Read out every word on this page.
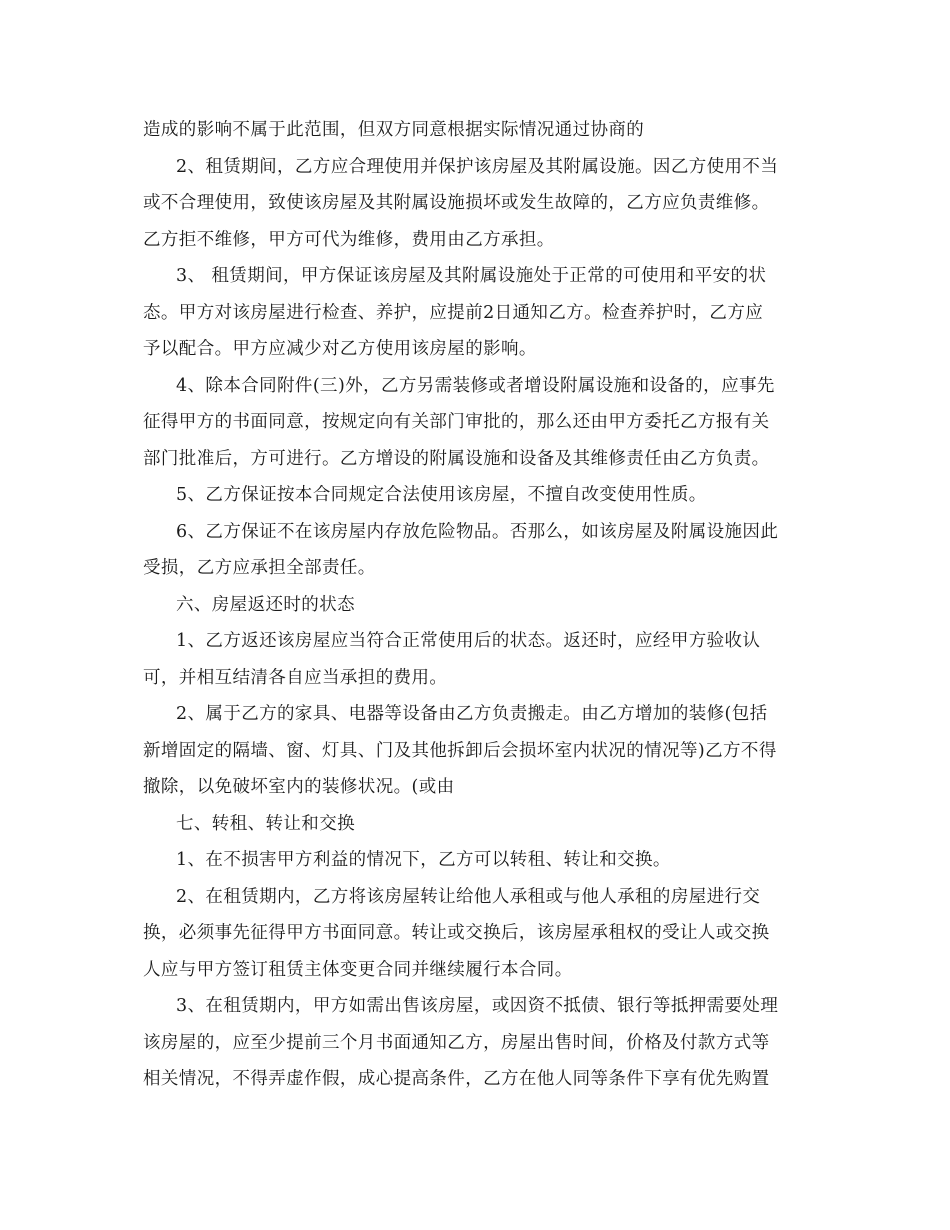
造成的影响不属于此范围，但双方同意根据实际情况通过协商的
2、租赁期间，乙方应合理使用并保护该房屋及其附属设施。因乙方使用不当
或不合理使用，致使该房屋及其附属设施损坏或发生故障的，乙方应负责维修。
乙方拒不维修，甲方可代为维修，费用由乙方承担。
3、 租赁期间，甲方保证该房屋及其附属设施处于正常的可使用和平安的状
态。甲方对该房屋进行检查、养护，应提前2日通知乙方。检查养护时，乙方应
予以配合。甲方应减少对乙方使用该房屋的影响。
4、除本合同附件(三)外，乙方另需装修或者增设附属设施和设备的，应事先
征得甲方的书面同意，按规定向有关部门审批的，那么还由甲方委托乙方报有关
部门批准后，方可进行。乙方增设的附属设施和设备及其维修责任由乙方负责。
5、乙方保证按本合同规定合法使用该房屋，不擅自改变使用性质。
6、乙方保证不在该房屋内存放危险物品。否那么，如该房屋及附属设施因此
受损，乙方应承担全部责任。
六、房屋返还时的状态
1、乙方返还该房屋应当符合正常使用后的状态。返还时，应经甲方验收认
可，并相互结清各自应当承担的费用。
2、属于乙方的家具、电器等设备由乙方负责搬走。由乙方增加的装修(包括
新增固定的隔墙、窗、灯具、门及其他拆卸后会损坏室内状况的情况等)乙方不得
撤除，以免破坏室内的装修状况。(或由
七、转租、转让和交换
1、在不损害甲方利益的情况下，乙方可以转租、转让和交换。
2、在租赁期内，乙方将该房屋转让给他人承租或与他人承租的房屋进行交
换，必须事先征得甲方书面同意。转让或交换后，该房屋承租权的受让人或交换
人应与甲方签订租赁主体变更合同并继续履行本合同。
3、在租赁期内，甲方如需出售该房屋，或因资不抵债、银行等抵押需要处理
该房屋的，应至少提前三个月书面通知乙方，房屋出售时间，价格及付款方式等
相关情况，不得弄虚作假，成心提高条件，乙方在他人同等条件下享有优先购置
